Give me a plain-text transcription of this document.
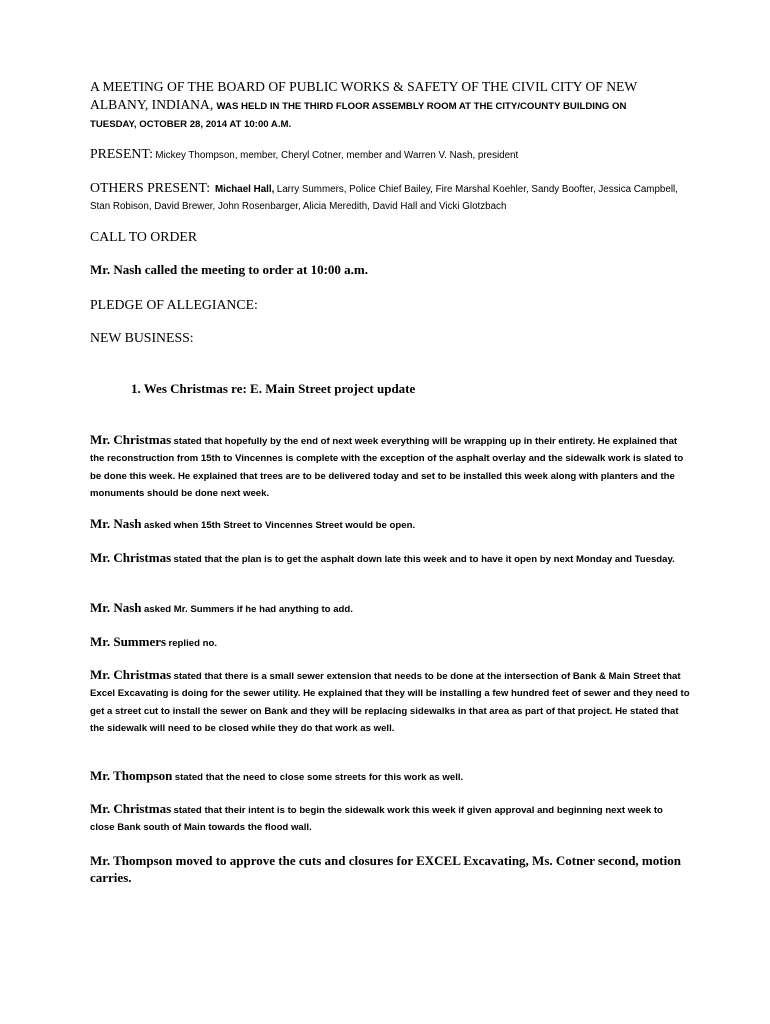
A MEETING OF THE BOARD OF PUBLIC WORKS & SAFETY OF THE CIVIL CITY OF NEW ALBANY, INDIANA, WAS HELD IN THE THIRD FLOOR ASSEMBLY ROOM AT THE CITY/COUNTY BUILDING ON
TUESDAY, OCTOBER 28, 2014 AT 10:00 A.M.
PRESENT: Mickey Thompson, member, Cheryl Cotner, member and Warren V. Nash, president
OTHERS PRESENT: Michael Hall, Larry Summers, Police Chief Bailey, Fire Marshal Koehler, Sandy Boofter, Jessica Campbell, Stan Robison, David Brewer, John Rosenbarger, Alicia Meredith, David Hall and Vicki Glotzbach

CALL TO ORDER

Mr. Nash called the meeting to order at 10:00 a.m.

PLEDGE OF ALLEGIANCE:

NEW BUSINESS:

1. Wes Christmas re: E. Main Street project update

Mr. Christmas stated that hopefully by the end of next week everything will be wrapping up in their entirety. He explained that the reconstruction from 15th to Vincennes is complete with the exception of the asphalt overlay and the sidewalk work is slated to be done this week. He explained that trees are to be delivered today and set to be installed this week along with planters and the monuments should be done next week.

Mr. Nash asked when 15th Street to Vincennes Street would be open.

Mr. Christmas stated that the plan is to get the asphalt down late this week and to have it open by next Monday and Tuesday.

Mr. Nash asked Mr. Summers if he had anything to add.

Mr. Summers replied no.

Mr. Christmas stated that there is a small sewer extension that needs to be done at the intersection of Bank & Main Street that Excel Excavating is doing for the sewer utility. He explained that they will be installing a few hundred feet of sewer and they need to get a street cut to install the sewer on Bank and they will be replacing sidewalks in that area as part of that project. He stated that the sidewalk will need to be closed while they do that work as well.

Mr. Thompson stated that the need to close some streets for this work as well.

Mr. Christmas stated that their intent is to begin the sidewalk work this week if given approval and beginning next week to close Bank south of Main towards the flood wall.

Mr. Thompson moved to approve the cuts and closures for EXCEL Excavating, Ms. Cotner second, motion carries.
